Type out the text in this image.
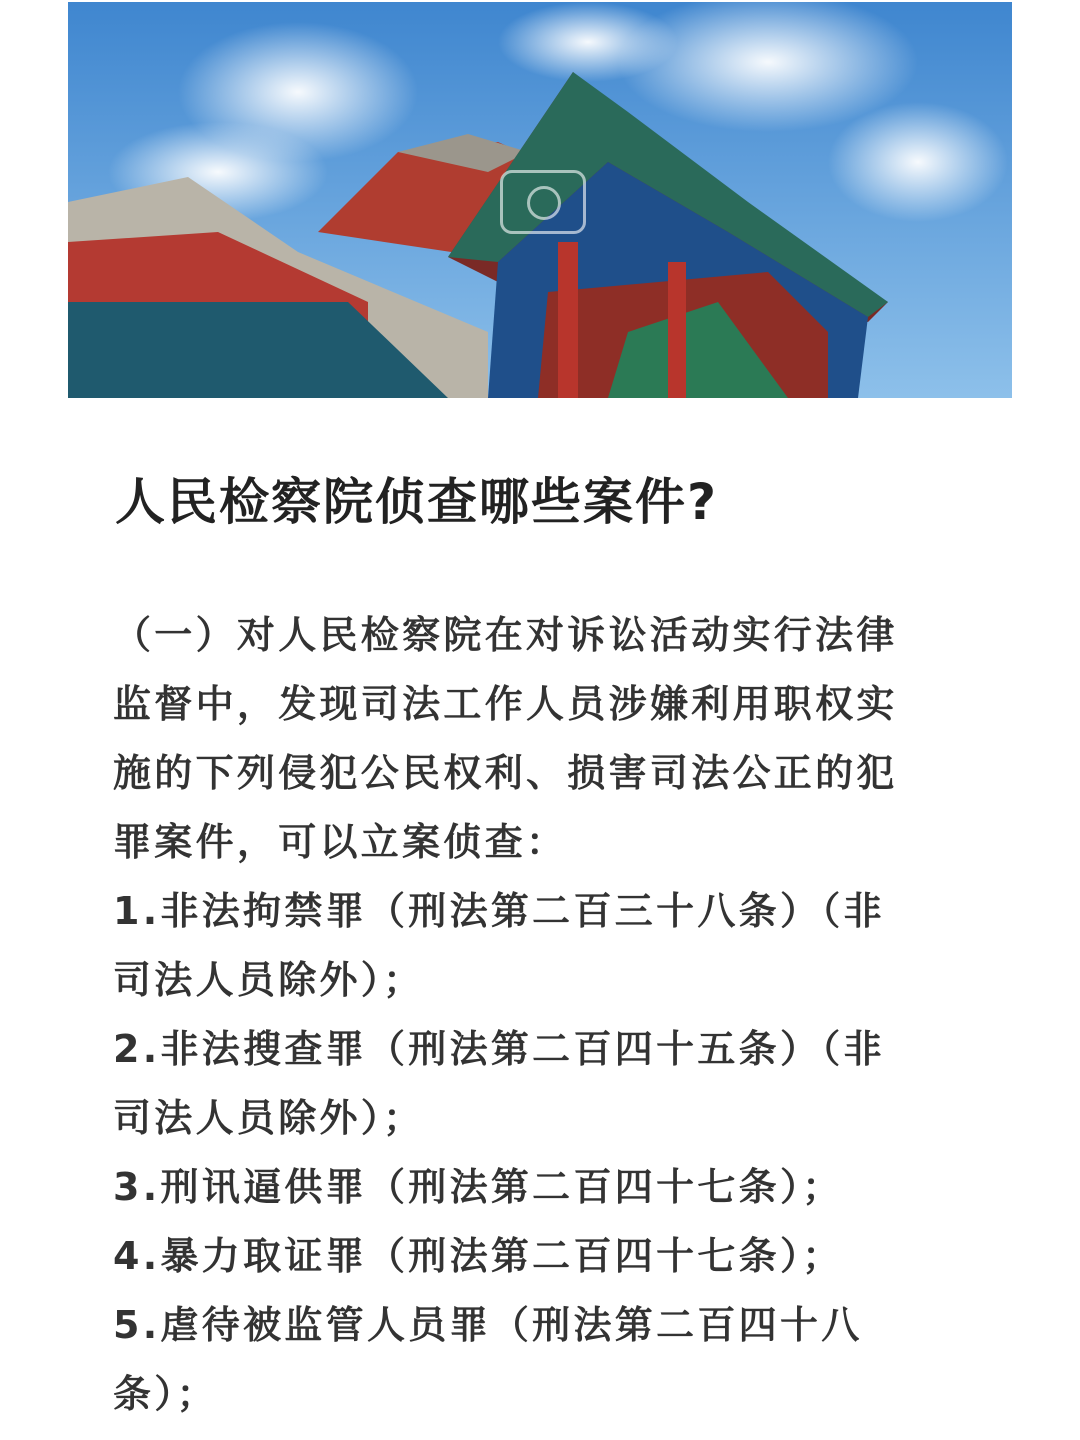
人民检察院侦查哪些案件?
（一）对人民检察院在对诉讼活动实行法律
监督中，发现司法工作人员涉嫌利用职权实
施的下列侵犯公民权利、损害司法公正的犯
罪案件，可以立案侦查：
1.非法拘禁罪（刑法第二百三十八条）（非
司法人员除外）；
2.非法搜查罪（刑法第二百四十五条）（非
司法人员除外）；
3.刑讯逼供罪（刑法第二百四十七条）；
4.暴力取证罪（刑法第二百四十七条）；
5.虐待被监管人员罪（刑法第二百四十八
条）；
